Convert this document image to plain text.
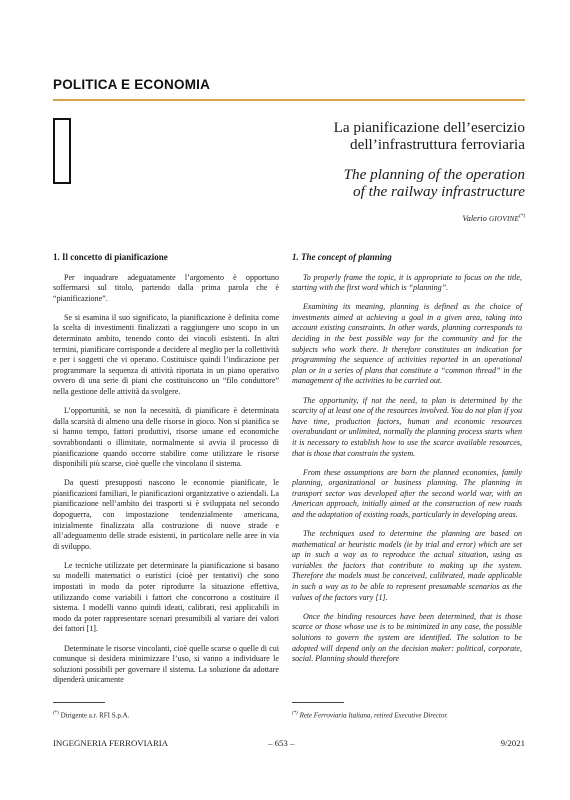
POLITICA E ECONOMIA
La pianificazione dell’esercizio
dell’infrastruttura ferroviaria
The planning of the operation
of the railway infrastructure
Valerio GIOVINE(*)
1. Il concetto di pianificazione

Per inquadrare adeguatamente l’argomento è opportuno soffermarsi sul titolo, partendo dalla prima parola che è “pianificazione”.

Se si esamina il suo significato, la pianificazione è definita come la scelta di investimenti finalizzati a raggiungere uno scopo in un determinato ambito, tenendo conto dei vincoli esistenti. In altri termini, pianificare corrisponde a decidere al meglio per la collettività e per i soggetti che vi operano. Costituisce quindi l’indicazione per programmare la sequenza di attività riportata in un piano operativo ovvero di una serie di piani che costituiscono un “filo conduttore” nella gestione delle attività da svolgere.

L’opportunità, se non la necessità, di pianificare è determinata dalla scarsità di almeno una delle risorse in gioco. Non si pianifica se si hanno tempo, fattori produttivi, risorse umane ed economiche sovrabbondanti o illimitate, normalmente si avvia il processo di pianificazione quando occorre stabilire come utilizzare le risorse disponibili più scarse, cioè quelle che vincolano il sistema.

Da questi presupposti nascono le economie pianificate, le pianificazioni familiari, le pianificazioni organizzative o aziendali. La pianificazione nell’ambito dei trasporti si è sviluppata nel secondo dopoguerra, con impostazione tendenzialmente americana, inizialmente finalizzata alla costruzione di nuove strade e all’adeguamento delle strade esistenti, in particolare nelle aree in via di sviluppo.

Le tecniche utilizzate per determinare la pianificazione si basano su modelli matematici o euristici (cioè per tentativi) che sono impostati in modo da poter riprodurre la situazione effettiva, utilizzando come variabili i fattori che concorrono a costituire il sistema. I modelli vanno quindi ideati, calibrati, resi applicabili in modo da poter rappresentare scenari presumibili al variare dei valori dei fattori [1].

Determinate le risorse vincolanti, cioè quelle scarse o quelle di cui comunque si desidera minimizzare l’uso, si vanno a individuare le soluzioni possibili per governare il sistema. La soluzione da adottare dipenderà unicamente

1. The concept of planning

To properly frame the topic, it is appropriate to focus on the title, starting with the first word which is “planning”.

Examining its meaning, planning is defined as the choice of investments aimed at achieving a goal in a given area, taking into account existing constraints. In other words, planning corresponds to deciding in the best possible way for the community and for the subjects who work there. It therefore constitutes an indication for programming the sequence of activities reported in an operational plan or in a series of plans that constitute a “common thread” in the management of the activities to be carried out.

The opportunity, if not the need, to plan is determined by the scarcity of at least one of the resources involved. You do not plan if you have time, production factors, human and economic resources overabundant or unlimited, normally the planning process starts when it is necessary to establish how to use the scarce available resources, that is those that constrain the system.

From these assumptions are born the planned economies, family planning, organizational or business planning. The planning in transport sector was developed after the second world war, with an American approach, initially aimed at the construction of new roads and the adaptation of existing roads, particularly in developing areas.

The techniques used to determine the planning are based on mathematical or heuristic models (ie by trial and error) which are set up in such a way as to reproduce the actual situation, using as variables the factors that contribute to making up the system. Therefore the models must be conceived, calibrated, made applicable in such a way as to be able to represent presumable scenarios as the values of the factors vary [1].

Once the binding resources have been determined, that is those scarce or those whose use is to be minimized in any case, the possible solutions to govern the system are identified. The solution to be adopted will depend only on the decision maker: political, corporate, social. Planning should therefore

(*) Dirigente a.r. RFI S.p.A.	(*) Rete Ferroviaria Italiana, retired Executive Director.
INGEGNERIA FERROVIARIA	– 653 –	9/2021
